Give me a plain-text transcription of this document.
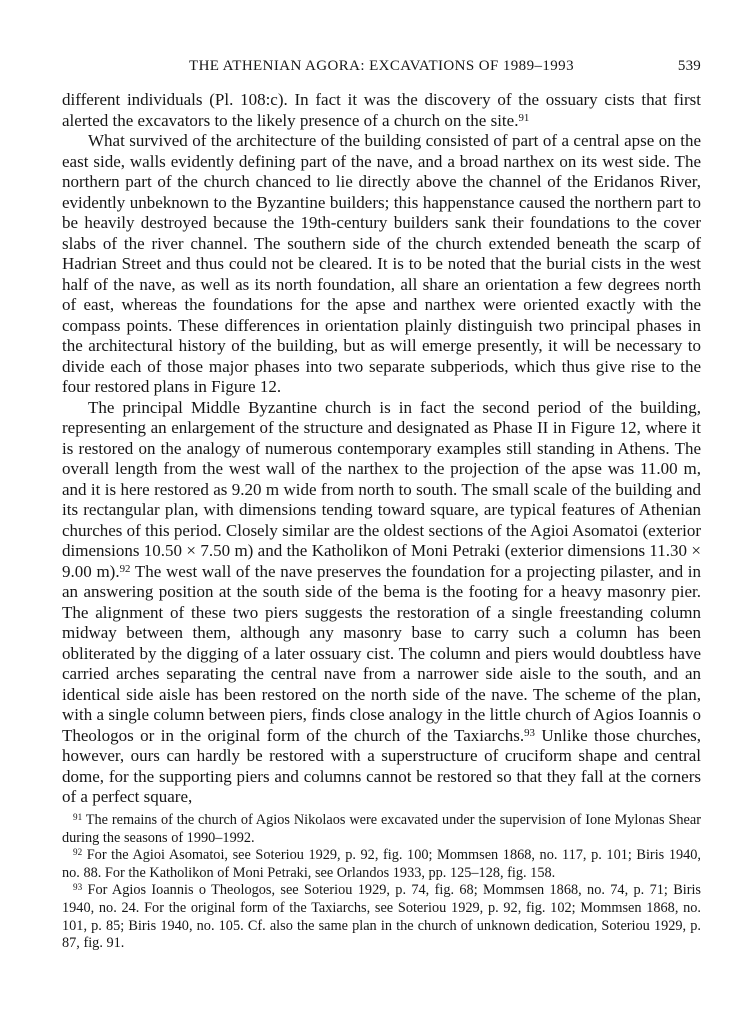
THE ATHENIAN AGORA: EXCAVATIONS OF 1989–1993	539

different individuals (Pl. 108:c). In fact it was the discovery of the ossuary cists that first alerted the excavators to the likely presence of a church on the site.$^{91}$

What survived of the architecture of the building consisted of part of a central apse on the east side, walls evidently defining part of the nave, and a broad narthex on its west side. The northern part of the church chanced to lie directly above the channel of the Eridanos River, evidently unbeknown to the Byzantine builders; this happenstance caused the northern part to be heavily destroyed because the 19th-century builders sank their foundations to the cover slabs of the river channel. The southern side of the church extended beneath the scarp of Hadrian Street and thus could not be cleared. It is to be noted that the burial cists in the west half of the nave, as well as its north foundation, all share an orientation a few degrees north of east, whereas the foundations for the apse and narthex were oriented exactly with the compass points. These differences in orientation plainly distinguish two principal phases in the architectural history of the building, but as will emerge presently, it will be necessary to divide each of those major phases into two separate subperiods, which thus give rise to the four restored plans in Figure 12.

The principal Middle Byzantine church is in fact the second period of the building, representing an enlargement of the structure and designated as Phase II in Figure 12, where it is restored on the analogy of numerous contemporary examples still standing in Athens. The overall length from the west wall of the narthex to the projection of the apse was 11.00 m, and it is here restored as 9.20 m wide from north to south. The small scale of the building and its rectangular plan, with dimensions tending toward square, are typical features of Athenian churches of this period. Closely similar are the oldest sections of the Agioi Asomatoi (exterior dimensions 10.50 × 7.50 m) and the Katholikon of Moni Petraki (exterior dimensions 11.30 × 9.00 m).$^{92}$ The west wall of the nave preserves the foundation for a projecting pilaster, and in an answering position at the south side of the bema is the footing for a heavy masonry pier. The alignment of these two piers suggests the restoration of a single freestanding column midway between them, although any masonry base to carry such a column has been obliterated by the digging of a later ossuary cist. The column and piers would doubtless have carried arches separating the central nave from a narrower side aisle to the south, and an identical side aisle has been restored on the north side of the nave. The scheme of the plan, with a single column between piers, finds close analogy in the little church of Agios Ioannis o Theologos or in the original form of the church of the Taxiarchs.$^{93}$ Unlike those churches, however, ours can hardly be restored with a superstructure of cruciform shape and central dome, for the supporting piers and columns cannot be restored so that they fall at the corners of a perfect square,

$^{91}$ The remains of the church of Agios Nikolaos were excavated under the supervision of Ione Mylonas Shear during the seasons of 1990–1992.

$^{92}$ For the Agioi Asomatoi, see Soteriou 1929, p. 92, fig. 100; Mommsen 1868, no. 117, p. 101; Biris 1940, no. 88. For the Katholikon of Moni Petraki, see Orlandos 1933, pp. 125–128, fig. 158.

$^{93}$ For Agios Ioannis o Theologos, see Soteriou 1929, p. 74, fig. 68; Mommsen 1868, no. 74, p. 71; Biris 1940, no. 24. For the original form of the Taxiarchs, see Soteriou 1929, p. 92, fig. 102; Mommsen 1868, no. 101, p. 85; Biris 1940, no. 105. Cf. also the same plan in the church of unknown dedication, Soteriou 1929, p. 87, fig. 91.
